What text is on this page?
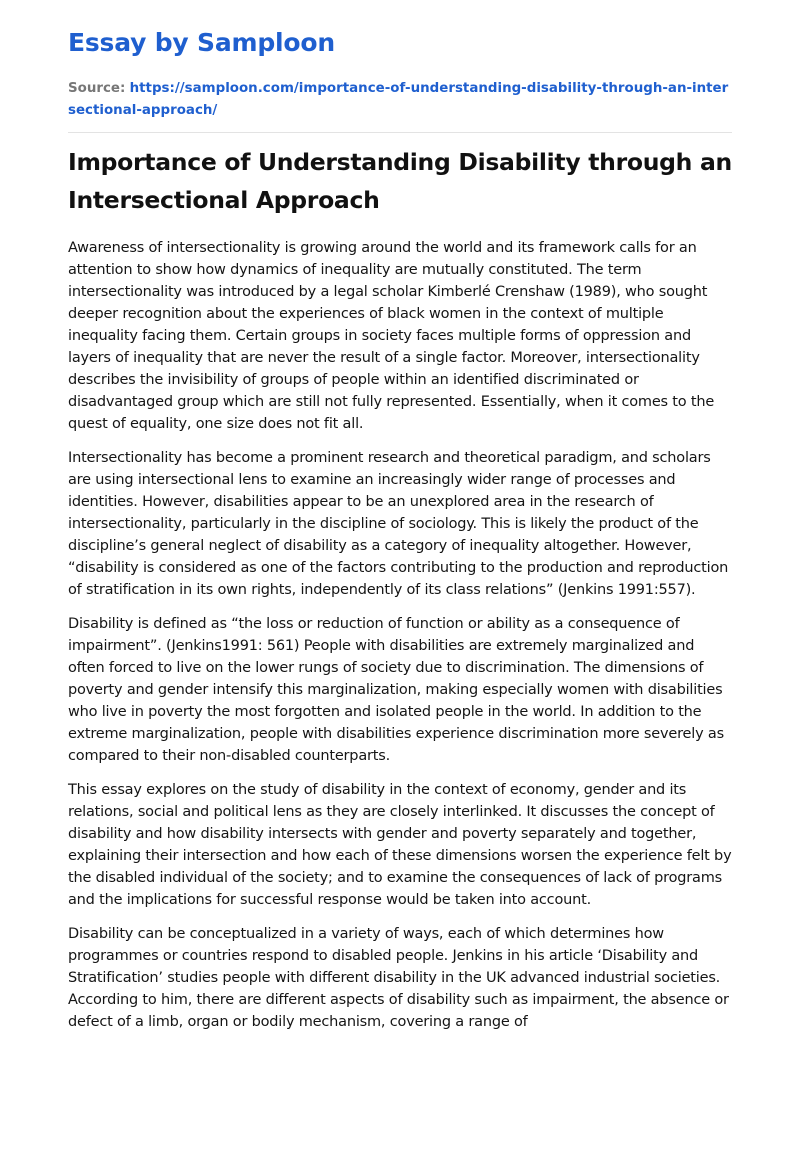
Essay by Samploon
Source: https://samploon.com/importance-of-understanding-disability-through-an-intersectional-approach/
Importance of Understanding Disability through an Intersectional Approach

Awareness of intersectionality is growing around the world and its framework calls for an attention to show how dynamics of inequality are mutually constituted. The term intersectionality was introduced by a legal scholar Kimberlé Crenshaw (1989), who sought deeper recognition about the experiences of black women in the context of multiple inequality facing them. Certain groups in society faces multiple forms of oppression and layers of inequality that are never the result of a single factor. Moreover, intersectionality describes the invisibility of groups of people within an identified discriminated or disadvantaged group which are still not fully represented. Essentially, when it comes to the quest of equality, one size does not fit all.

Intersectionality has become a prominent research and theoretical paradigm, and scholars are using intersectional lens to examine an increasingly wider range of processes and identities. However, disabilities appear to be an unexplored area in the research of intersectionality, particularly in the discipline of sociology. This is likely the product of the discipline’s general neglect of disability as a category of inequality altogether. However, “disability is considered as one of the factors contributing to the production and reproduction of stratification in its own rights, independently of its class relations” (Jenkins 1991:557).

Disability is defined as “the loss or reduction of function or ability as a consequence of impairment”. (Jenkins1991: 561) People with disabilities are extremely marginalized and often forced to live on the lower rungs of society due to discrimination. The dimensions of poverty and gender intensify this marginalization, making especially women with disabilities who live in poverty the most forgotten and isolated people in the world. In addition to the extreme marginalization, people with disabilities experience discrimination more severely as compared to their non-disabled counterparts.

This essay explores on the study of disability in the context of economy, gender and its relations, social and political lens as they are closely interlinked. It discusses the concept of disability and how disability intersects with gender and poverty separately and together, explaining their intersection and how each of these dimensions worsen the experience felt by the disabled individual of the society; and to examine the consequences of lack of programs and the implications for successful response would be taken into account.

Disability can be conceptualized in a variety of ways, each of which determines how programmes or countries respond to disabled people. Jenkins in his article ‘Disability and Stratification’ studies people with different disability in the UK advanced industrial societies. According to him, there are different aspects of disability such as impairment, the absence or defect of a limb, organ or bodily mechanism, covering a range of
